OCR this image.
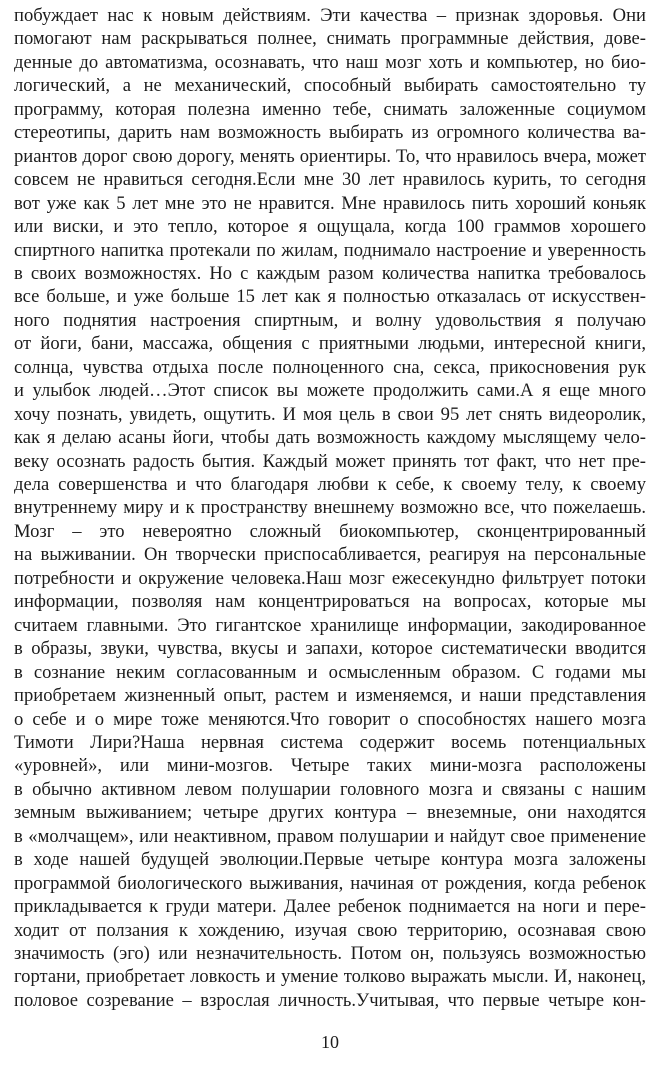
побуждает нас к новым действиям. Эти качества – признак здоровья. Они
помогают нам раскрываться полнее, снимать программные действия, дове-
денные до автоматизма, осознавать, что наш мозг хоть и компьютер, но био-
логический, а не механический, способный выбирать самостоятельно ту
программу, которая полезна именно тебе, снимать заложенные социумом
стереотипы, дарить нам возможность выбирать из огромного количества ва-
риантов дорог свою дорогу, менять ориентиры. То, что нравилось вчера, может
совсем не нравиться сегодня.Если мне 30 лет нравилось курить, то сегодня
вот уже как 5 лет мне это не нравится. Мне нравилось пить хороший коньяк
или виски, и это тепло, которое я ощущала, когда 100 граммов хорошего
спиртного напитка протекали по жилам, поднимало настроение и уверенность
в своих возможностях. Но с каждым разом количества напитка требовалось
все больше, и уже больше 15 лет как я полностью отказалась от искусствен-
ного поднятия настроения спиртным, и волну удовольствия я получаю
от йоги, бани, массажа, общения с приятными людьми, интересной книги,
солнца, чувства отдыха после полноценного сна, секса, прикосновения рук
и улыбок людей…Этот список вы можете продолжить сами.А я еще много
хочу познать, увидеть, ощутить. И моя цель в свои 95 лет снять видеоролик,
как я делаю асаны йоги, чтобы дать возможность каждому мыслящему чело-
веку осознать радость бытия. Каждый может принять тот факт, что нет пре-
дела совершенства и что благодаря любви к себе, к своему телу, к своему
внутреннему миру и к пространству внешнему возможно все, что пожелаешь.
Мозг – это невероятно сложный биокомпьютер, сконцентрированный
на выживании. Он творчески приспосабливается, реагируя на персональные
потребности и окружение человека.Наш мозг ежесекундно фильтрует потоки
информации, позволяя нам концентрироваться на вопросах, которые мы
считаем главными. Это гигантское хранилище информации, закодированное
в образы, звуки, чувства, вкусы и запахи, которое систематически вводится
в сознание неким согласованным и осмысленным образом. С годами мы
приобретаем жизненный опыт, растем и изменяемся, и наши представления
о себе и о мире тоже меняются.Что говорит о способностях нашего мозга
Тимоти Лири?Наша нервная система содержит восемь потенциальных
«уровней», или мини-мозгов. Четыре таких мини-мозга расположены
в обычно активном левом полушарии головного мозга и связаны с нашим
земным выживанием; четыре других контура – внеземные, они находятся
в «молчащем», или неактивном, правом полушарии и найдут свое применение
в ходе нашей будущей эволюции.Первые четыре контура мозга заложены
программой биологического выживания, начиная от рождения, когда ребенок
прикладывается к груди матери. Далее ребенок поднимается на ноги и пере-
ходит от ползания к хождению, изучая свою территорию, осознавая свою
значимость (эго) или незначительность. Потом он, пользуясь возможностью
гортани, приобретает ловкость и умение толково выражать мысли. И, наконец,
половое созревание – взрослая личность.Учитывая, что первые четыре кон-
10
